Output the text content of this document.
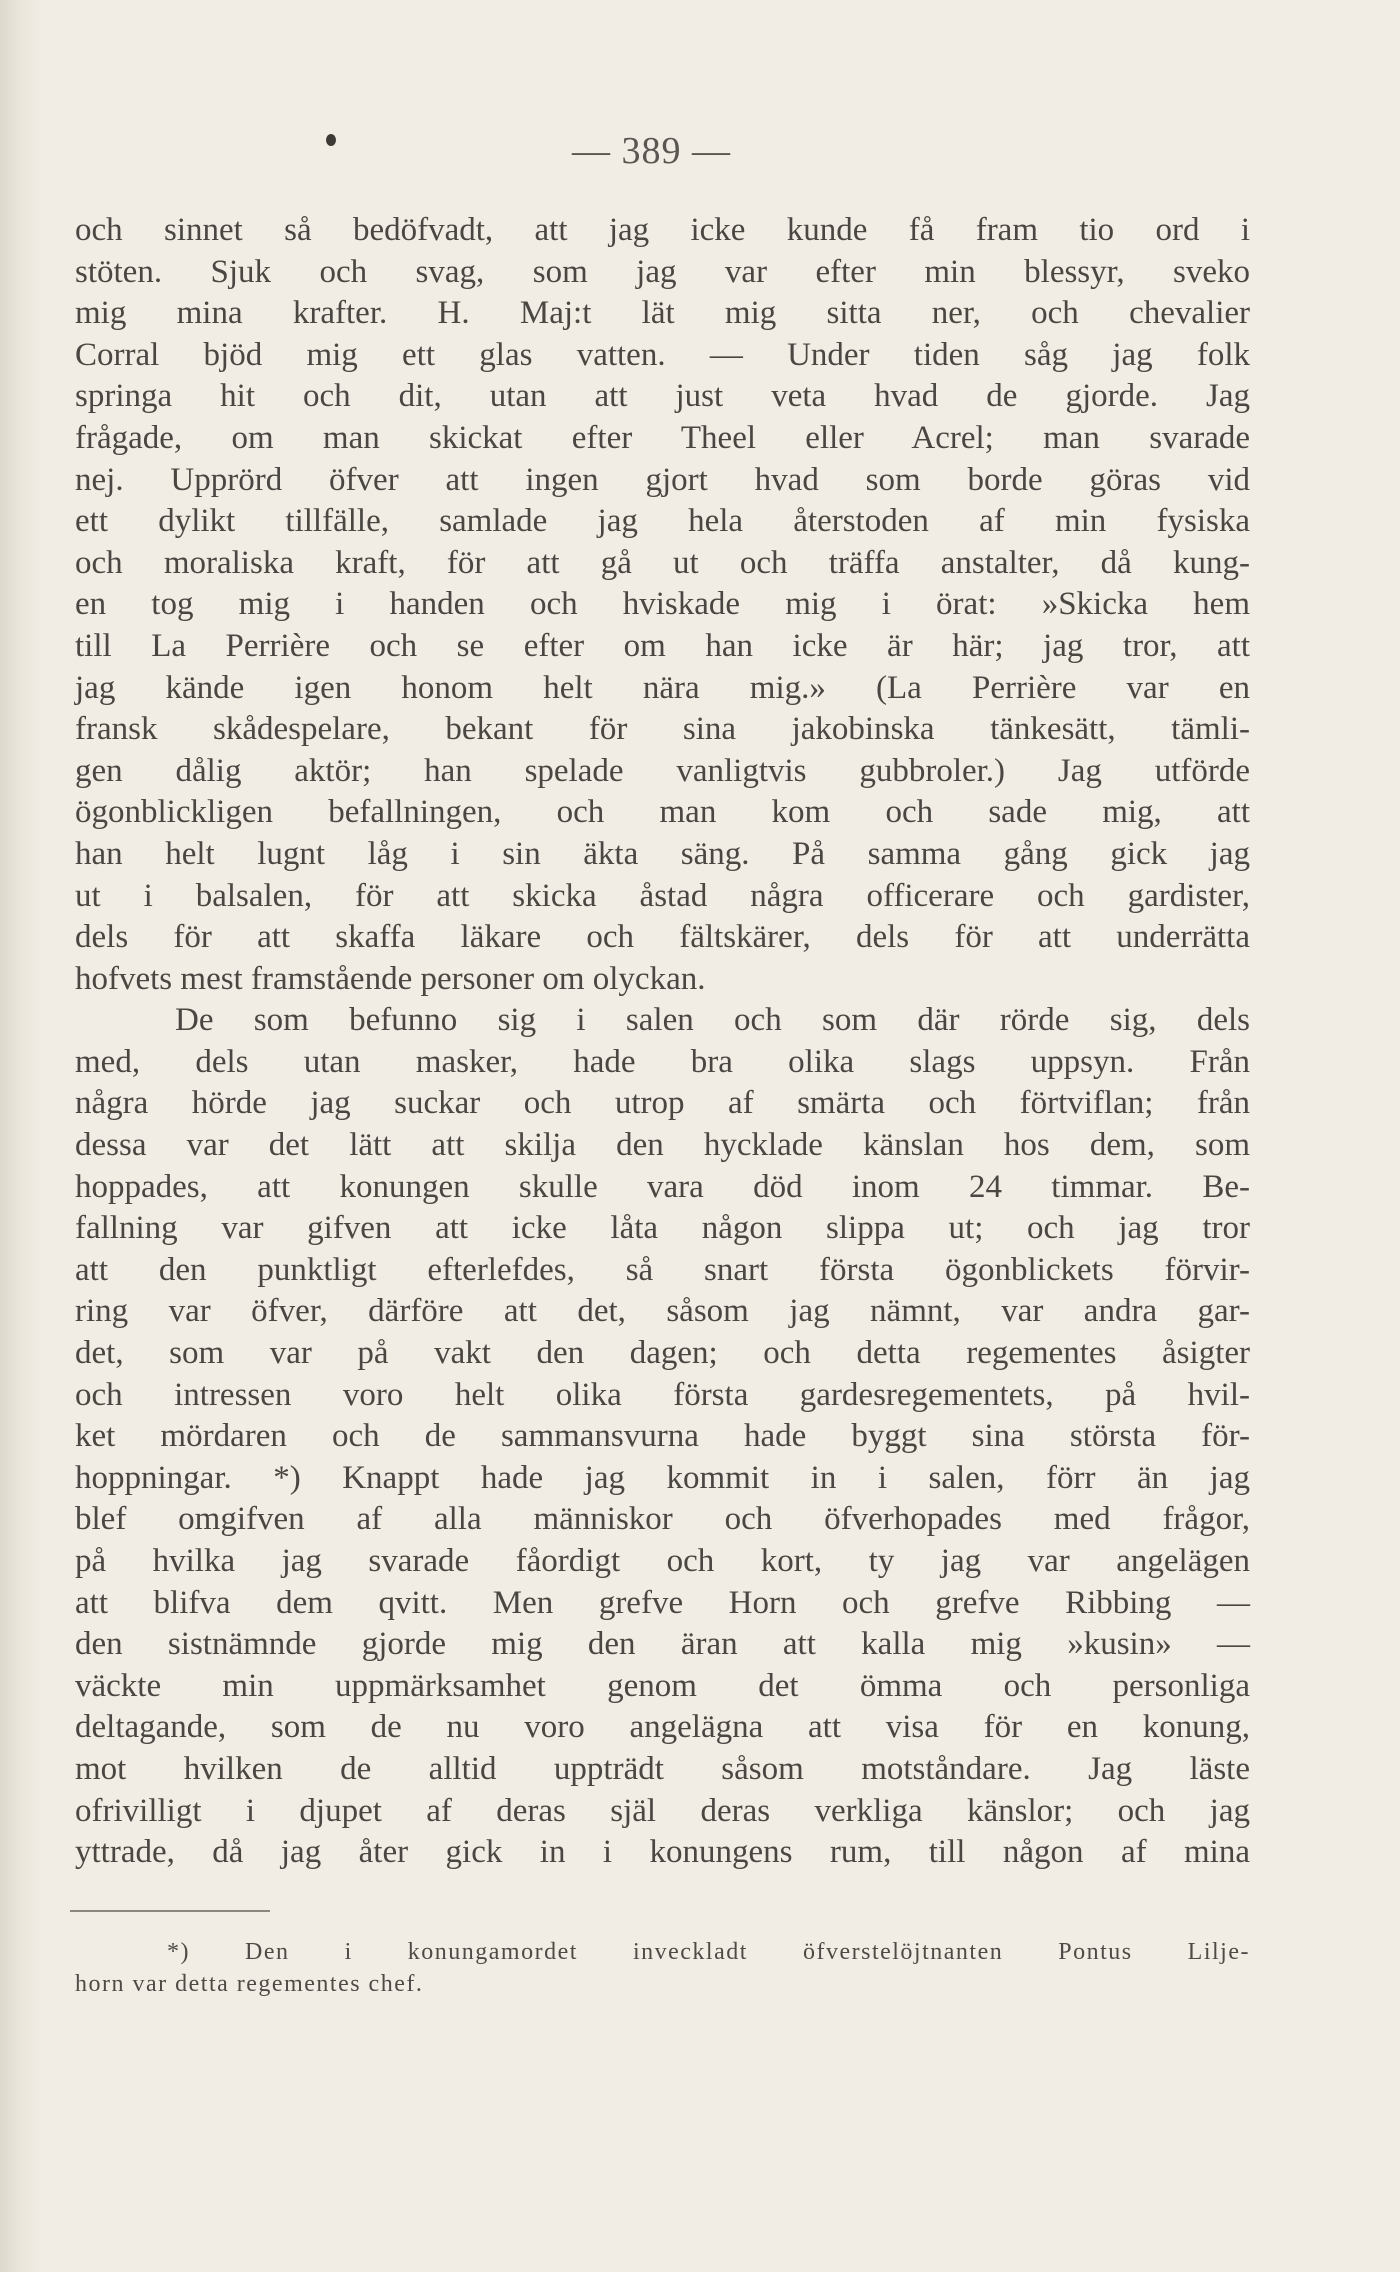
— 389 —
och sinnet så bedöfvadt, att jag icke kunde få fram tio ord i
stöten. Sjuk och svag, som jag var efter min blessyr, sveko
mig mina krafter. H. Maj:t lät mig sitta ner, och chevalier
Corral bjöd mig ett glas vatten. — Under tiden såg jag folk
springa hit och dit, utan att just veta hvad de gjorde. Jag
frågade, om man skickat efter Theel eller Acrel; man svarade
nej. Upprörd öfver att ingen gjort hvad som borde göras vid
ett dylikt tillfälle, samlade jag hela återstoden af min fysiska
och moraliska kraft, för att gå ut och träffa anstalter, då kung-
en tog mig i handen och hviskade mig i örat: »Skicka hem
till La Perrière och se efter om han icke är här; jag tror, att
jag kände igen honom helt nära mig.» (La Perrière var en
fransk skådespelare, bekant för sina jakobinska tänkesätt, tämli-
gen dålig aktör; han spelade vanligtvis gubbroler.) Jag utförde
ögonblickligen befallningen, och man kom och sade mig, att
han helt lugnt låg i sin äkta säng. På samma gång gick jag
ut i balsalen, för att skicka åstad några officerare och gardister,
dels för att skaffa läkare och fältskärer, dels för att underrätta
hofvets mest framstående personer om olyckan.
De som befunno sig i salen och som där rörde sig, dels
med, dels utan masker, hade bra olika slags uppsyn. Från
några hörde jag suckar och utrop af smärta och förtviflan; från
dessa var det lätt att skilja den hycklade känslan hos dem, som
hoppades, att konungen skulle vara död inom 24 timmar. Be-
fallning var gifven att icke låta någon slippa ut; och jag tror
att den punktligt efterlefdes, så snart första ögonblickets förvir-
ring var öfver, därföre att det, såsom jag nämnt, var andra gar-
det, som var på vakt den dagen; och detta regementes åsigter
och intressen voro helt olika första gardesregementets, på hvil-
ket mördaren och de sammansvurna hade byggt sina största för-
hoppningar. *) Knappt hade jag kommit in i salen, förr än jag
blef omgifven af alla människor och öfverhopades med frågor,
på hvilka jag svarade fåordigt och kort, ty jag var angelägen
att blifva dem qvitt. Men grefve Horn och grefve Ribbing —
den sistnämnde gjorde mig den äran att kalla mig »kusin» —
väckte min uppmärksamhet genom det ömma och personliga
deltagande, som de nu voro angelägna att visa för en konung,
mot hvilken de alltid uppträdt såsom motståndare. Jag läste
ofrivilligt i djupet af deras själ deras verkliga känslor; och jag
yttrade, då jag åter gick in i konungens rum, till någon af mina
*) Den i konungamordet inveckladt öfverstelöjtnanten Pontus Lilje-
horn var detta regementes chef.
